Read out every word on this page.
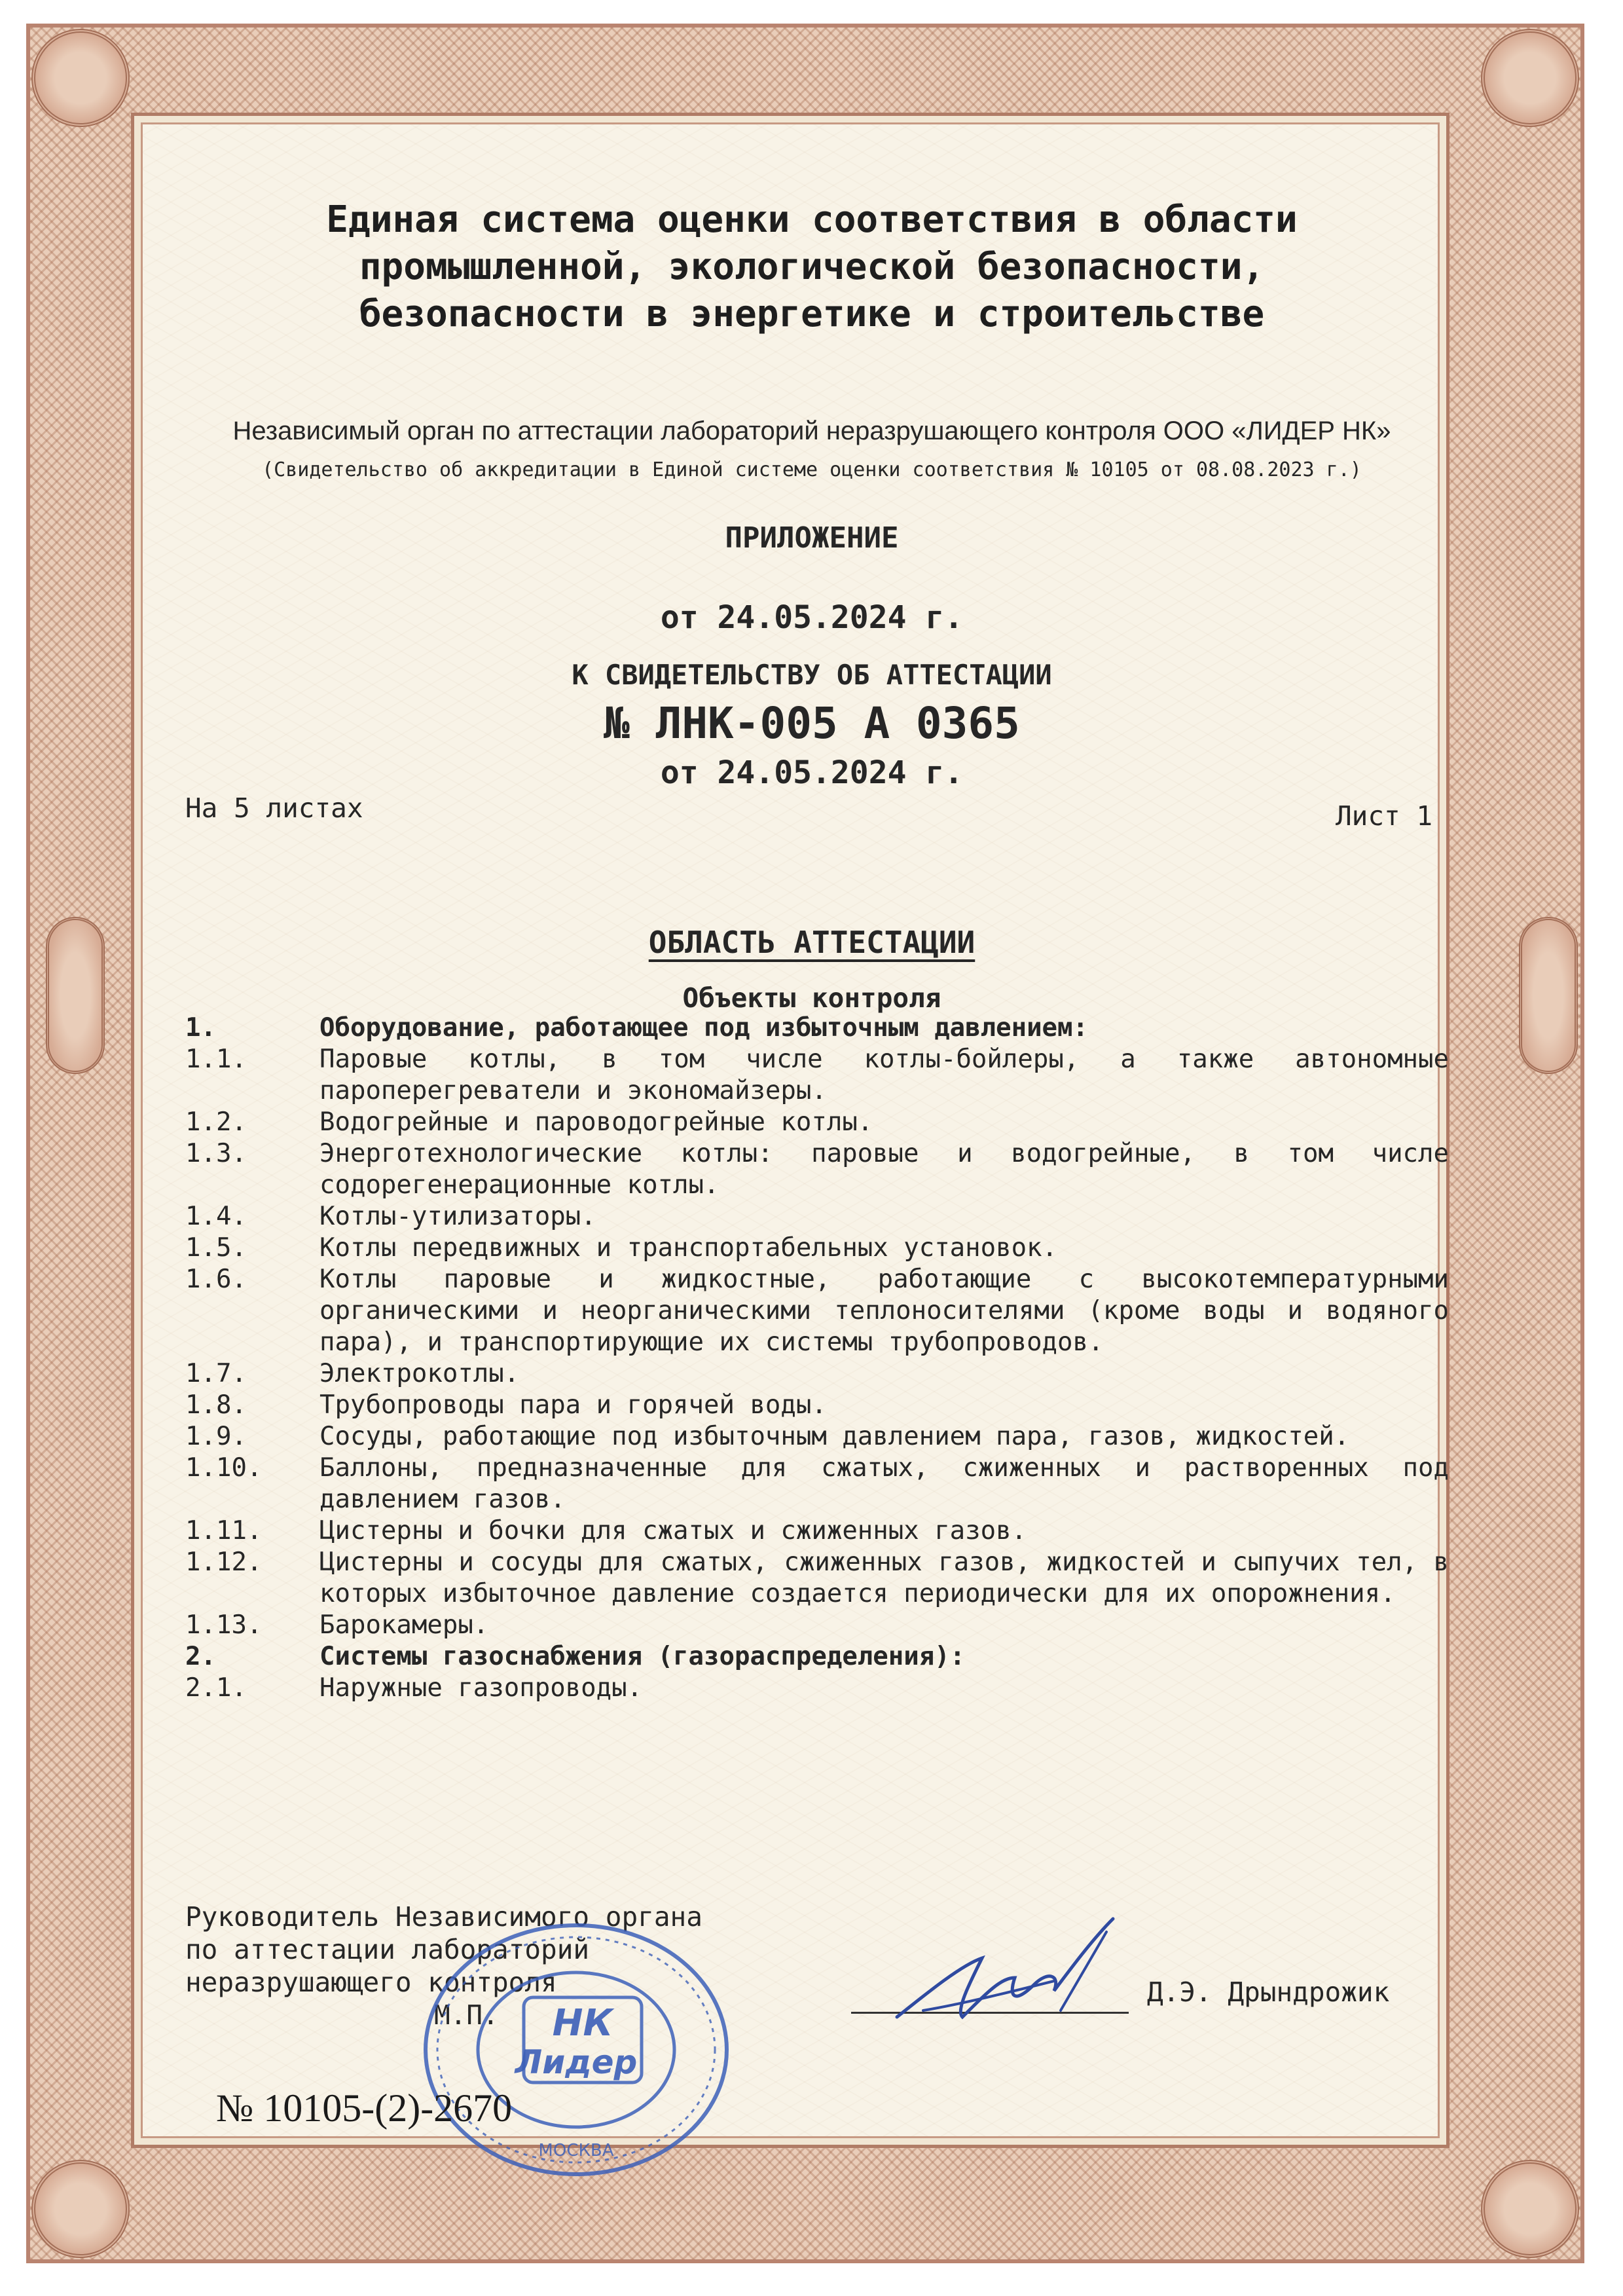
Единая система оценки соответствия в области промышленной, экологической безопасности, безопасности в энергетике и строительстве
Независимый орган по аттестации лабораторий неразрушающего контроля ООО «ЛИДЕР НК»
(Свидетельство об аккредитации в Единой системе оценки соответствия № 10105 от 08.08.2023 г.)
ПРИЛОЖЕНИЕ
от 24.05.2024 г.
К СВИДЕТЕЛЬСТВУ ОБ АТТЕСТАЦИИ
№ ЛНК-005 А 0365
от 24.05.2024 г.
На 5 листах	Лист 1
ОБЛАСТЬ АТТЕСТАЦИИ
Объекты контроля
1.	Оборудование, работающее под избыточным давлением:
1.1.	Паровые котлы, в том числе котлы-бойлеры, а также автономные пароперегреватели и экономайзеры.
1.2.	Водогрейные и пароводогрейные котлы.
1.3.	Энерготехнологические котлы: паровые и водогрейные, в том числе содорегенерационные котлы.
1.4.	Котлы-утилизаторы.
1.5.	Котлы передвижных и транспортабельных установок.
1.6.	Котлы паровые и жидкостные, работающие с высокотемпературными органическими и неорганическими теплоносителями (кроме воды и водяного пара), и транспортирующие их системы трубопроводов.
1.7.	Электрокотлы.
1.8.	Трубопроводы пара и горячей воды.
1.9.	Сосуды, работающие под избыточным давлением пара, газов, жидкостей.
1.10.	Баллоны, предназначенные для сжатых, сжиженных и растворенных под давлением газов.
1.11.	Цистерны и бочки для сжатых и сжиженных газов.
1.12.	Цистерны и сосуды для сжатых, сжиженных газов, жидкостей и сыпучих тел, в которых избыточное давление создается периодически для их опорожнения.
1.13.	Барокамеры.
2.	Системы газоснабжения (газораспределения):
2.1.	Наружные газопроводы.
Руководитель Независимого органа
по аттестации лабораторий
неразрушающего контроля
М.П.
Д.Э. Дрындрожик
НК
Лидер
МОСКВА
№ 10105-(2)-2670
